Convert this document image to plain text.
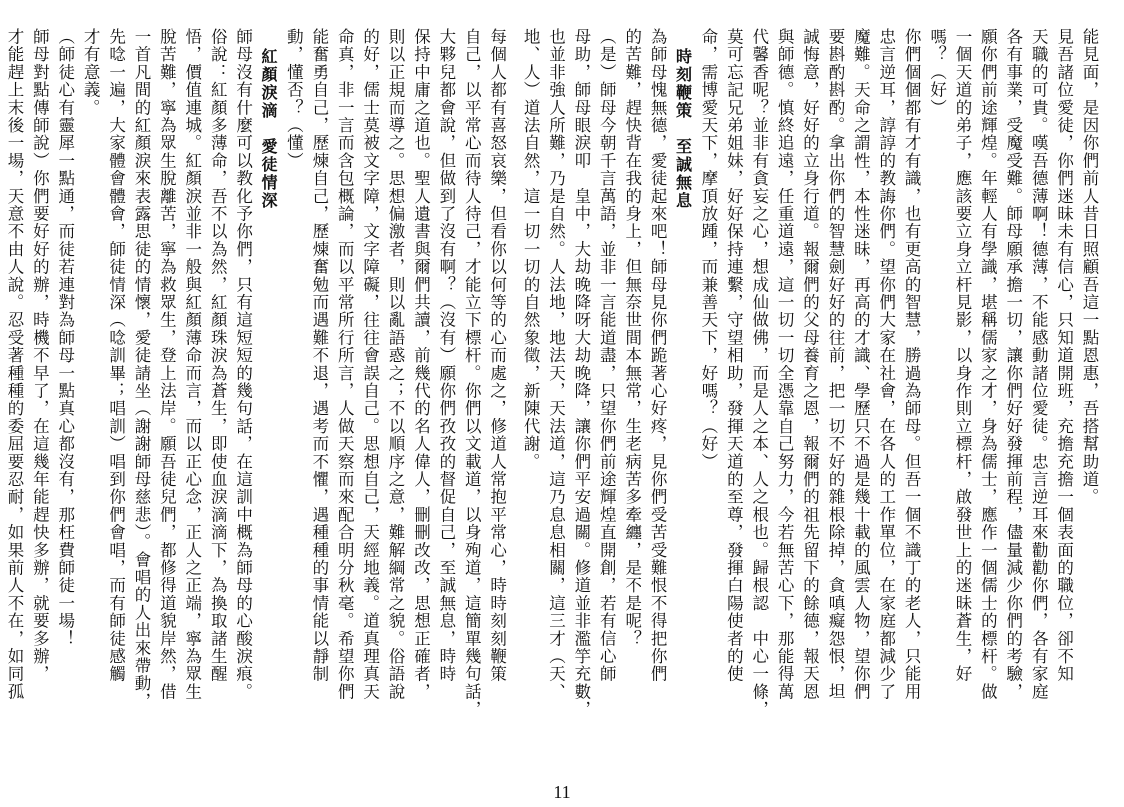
能見面，是因你們前人昔日照顧吾這一點恩惠，吾搭幫助道。

見吾諸位愛徒，你們迷昧未有信心，只知道開班，充擔充擔一個表面的職位，卻不知

天職的可貴。嘆吾德薄啊！德薄，不能感動諸位愛徒。忠言逆耳來勸勸你們，各有家庭

各有事業，受魔受難。師母願承擔一切，讓你們好好發揮前程，儘量減少你們的考驗，

願你們前途輝煌。年輕人有學識，堪稱儒家之才，身為儒士，應作一個儒士的標杆。做

一個天道的弟子，應該要立身立杆見影，以身作則立標杆，啟發世上的迷昧蒼生，好

嗎？（好）

你們個個都有才有識，也有更高的智慧，勝過為師母。但吾一個不識丁的老人，只能用

忠言逆耳，諄諄的教誨你們。望你們大家在社會，在各人的工作單位，在家庭都減少了

魔難。天命之謂性，本性迷昧，再高的才識、學歷只不過是幾十載的風雲人物，望你們

要斟酌斟酌。拿出你們的智慧劍好好的往前，把一切不好的雜根除掉，貪嗔癡怨恨，坦

誠悔意，好好的立身行道。報爾們的父母養育之恩，報爾們的祖先留下的餘德，報天恩

與師德。慎終追遠，任重道遠，這一切一切全憑靠自己努力，今若無苦心下，那能得萬

代馨香呢？並非有貪妄之心，想成仙做佛，而是人之本、人之根也。歸根認　中心一條，

莫可忘記兄弟姐妹，好好保持連繫，守望相助，發揮天道的至尊，發揮白陽使者的使

命，需博愛天下，摩頂放踵，而兼善天下，好嗎？（好）

時刻鞭策　至誠無息

為師母愧無德，愛徒起來吧！師母見你們跪著心好疼，見你們受苦受難恨不得把你們

的苦難，趕快背在我的身上，但無奈世間本無常，生老病苦多牽纏，是不是呢？

（是）師母今朝千言萬語，並非一言能道盡，只望你們前途輝煌直開創，若有信心師

母助，師母眼淚叩　皇中，大劫晚降呀大劫晚降，讓你們平安過關。修道並非濫竽充數，

也並非強人所難，乃是自然。人法地，地法天，天法道，這乃息息相關，這三才（天、

地、人）道法自然，這一切一切的自然象徵，新陳代謝。

每個人都有喜怒哀樂，但看你以何等的心而處之，修道人常抱平常心，時時刻刻鞭策

自己，以平常心而待人待己，才能立下標杆。你們以文載道，以身殉道，這簡單幾句話，

大夥兒都會說，但做到了沒有啊？（沒有）願你們孜孜的督促自己，至誠無息，時時

保持中庸之道也。聖人遺書與爾們共讀，前幾代的名人偉人，刪刪改改，思想正確者，

則以正規而導之。思想偏激者，則以亂語惑之；不以順序之意，難解綱常之貌。俗語說

的好，儒士莫被文字障，文字障礙，往往會誤自己。思想自己，天經地義。道真理真天

命真，非一言而含包概論，而以平常所行所言，人做天察而來配合明分秋毫。希望你們

能奮勇自己，歷煉自己，歷煉奮勉而遇難不退，遇考而不懼，遇種種的事情能以靜制

動，懂否？（懂）

紅顏淚滴　愛徒情深

師母沒有什麼可以教化予你們，只有這短短的幾句話，在這訓中概為師母的心酸淚痕。

俗說：紅顏多薄命，吾不以為然，紅顏珠淚為蒼生，即使血淚滴滴下，為換取諸生醒

悟，價值連城。紅顏淚並非一般與紅顏薄命而言，而以正心念，正人之正端，寧為眾生

脫苦難，寧為眾生脫離苦，寧為救眾生，登上法岸。願吾徒兒們，都修得道貌岸然，借

一首凡間的紅顏淚來表露思徒的情懷，愛徒請坐（謝謝師母慈悲）。會唱的人出來帶動，

先唸一遍，大家體會體會，師徒情深（唸訓畢；唱訓）唱到你們會唱，而有師徒感觸

才有意義。

（師徒心有靈犀一點通，而徒若連對為師母一點真心都沒有，那枉費師徒一場！

師母對點傳師說）你們要好好的辦，時機不早了，在這幾年能趕快多辦，就要多辦，

才能趕上末後一場，天意不由人說。忍受著種種的委屈要忍耐，如果前人不在，如同孤

11
